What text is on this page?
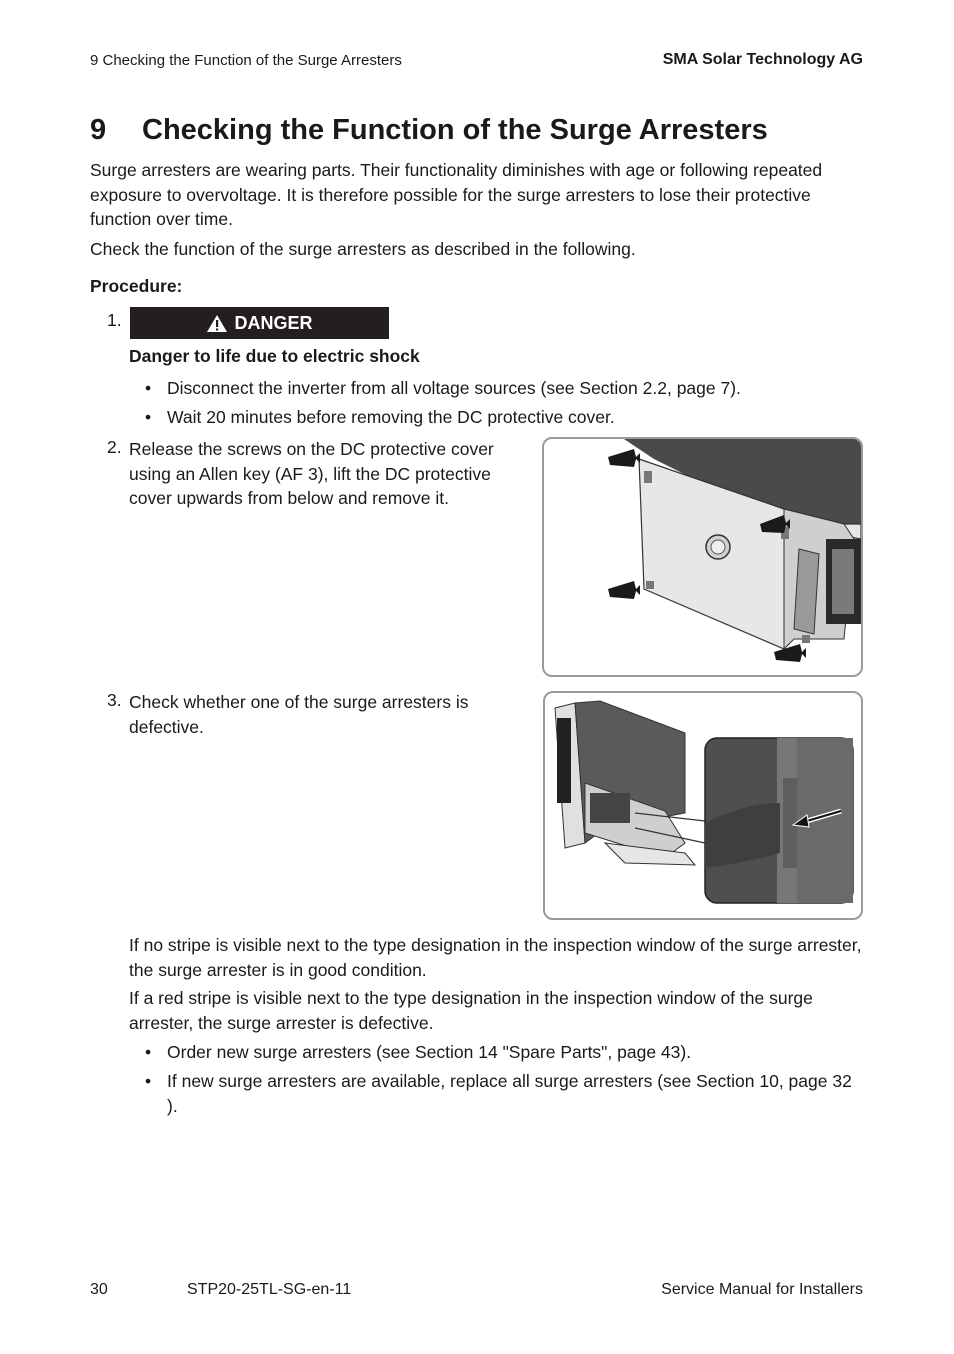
9 Checking the Function of the Surge Arresters	SMA Solar Technology AG
9 Checking the Function of the Surge Arresters
Surge arresters are wearing parts. Their functionality diminishes with age or following repeated exposure to overvoltage. It is therefore possible for the surge arresters to lose their protective function over time.
Check the function of the surge arresters as described in the following.
Procedure:
1.	DANGER
Danger to life due to electric shock
• Disconnect the inverter from all voltage sources (see Section 2.2, page 7).
• Wait 20 minutes before removing the DC protective cover.
2. Release the screws on the DC protective cover using an Allen key (AF 3), lift the DC protective cover upwards from below and remove it.
3. Check whether one of the surge arresters is defective.
If no stripe is visible next to the type designation in the inspection window of the surge arrester, the surge arrester is in good condition.
If a red stripe is visible next to the type designation in the inspection window of the surge arrester, the surge arrester is defective.
• Order new surge arresters (see Section 14 "Spare Parts", page 43).
• If new surge arresters are available, replace all surge arresters (see Section 10, page 32 ).
30	STP20-25TL-SG-en-11	Service Manual for Installers
